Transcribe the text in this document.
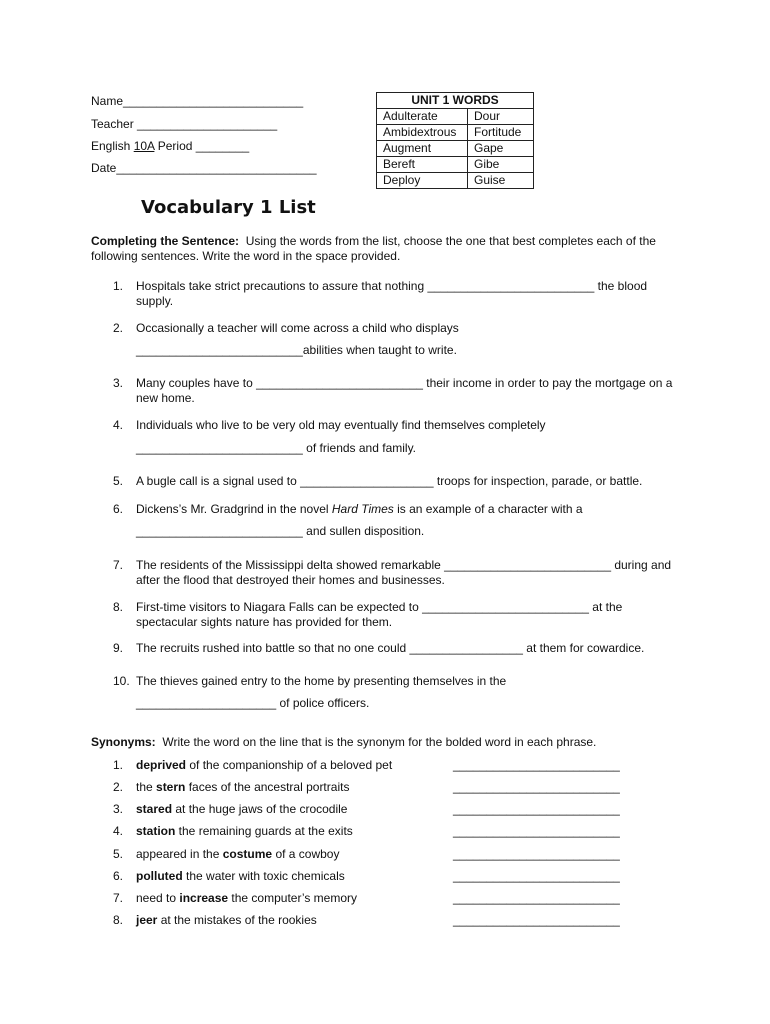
Name___________________________
Teacher _____________________
English 10A Period ________
Date______________________________
UNIT 1 WORDS	
Adulterate	Dour
Ambidextrous	Fortitude
Augment	Gape
Bereft	Gibe
Deploy	Guise
Vocabulary 1 List
Completing the Sentence: Using the words from the list, choose the one that best completes each of the following sentences. Write the word in the space provided.
1. Hospitals take strict precautions to assure that nothing _________________________ the blood supply.
2. Occasionally a teacher will come across a child who displays
_________________________abilities when taught to write.
3. Many couples have to _________________________ their income in order to pay the mortgage on a new home.
4. Individuals who live to be very old may eventually find themselves completely
_________________________ of friends and family.
5. A bugle call is a signal used to ____________________ troops for inspection, parade, or battle.
6. Dickens’s Mr. Gradgrind in the novel Hard Times is an example of a character with a
_________________________ and sullen disposition.
7. The residents of the Mississippi delta showed remarkable _________________________ during and after the flood that destroyed their homes and businesses.
8. First-time visitors to Niagara Falls can be expected to _________________________ at the spectacular sights nature has provided for them.
9. The recruits rushed into battle so that no one could _________________ at them for cowardice.
10. The thieves gained entry to the home by presenting themselves in the
_____________________ of police officers.
Synonyms: Write the word on the line that is the synonym for the bolded word in each phrase.
1. deprived of the companionship of a beloved pet	_________________________
2. the stern faces of the ancestral portraits	_________________________
3. stared at the huge jaws of the crocodile	_________________________
4. station the remaining guards at the exits	_________________________
5. appeared in the costume of a cowboy	_________________________
6. polluted the water with toxic chemicals	_________________________
7. need to increase the computer’s memory	_________________________
8. jeer at the mistakes of the rookies	_________________________
